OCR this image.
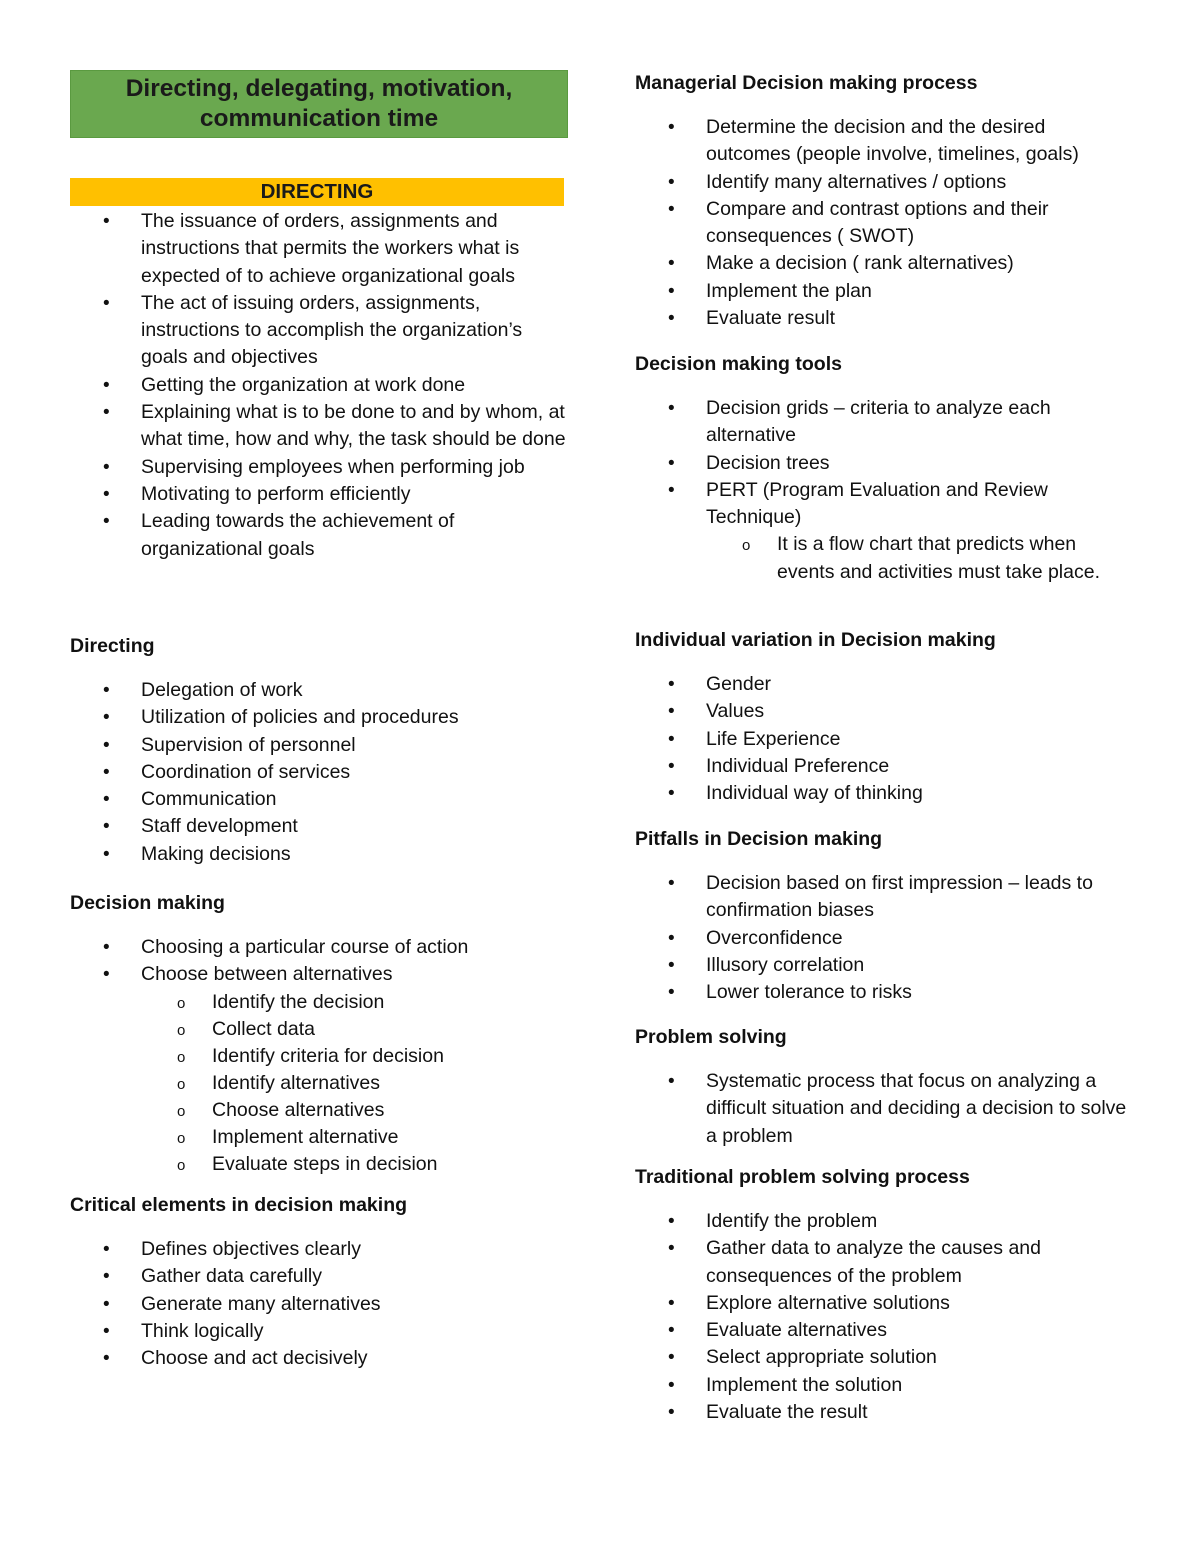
Directing, delegating, motivation,
communication time
DIRECTING
• The issuance of orders, assignments and instructions that permits the workers what is expected of to achieve organizational goals
• The act of issuing orders, assignments, instructions to accomplish the organization’s goals and objectives
• Getting the organization at work done
• Explaining what is to be done to and by whom, at what time, how and why, the task should be done
• Supervising employees when performing job
• Motivating to perform efficiently
• Leading towards the achievement of organizational goals
Directing
• Delegation of work
• Utilization of policies and procedures
• Supervision of personnel
• Coordination of services
• Communication
• Staff development
• Making decisions
Decision making
• Choosing a particular course of action
• Choose between alternatives
o Identify the decision
o Collect data
o Identify criteria for decision
o Identify alternatives
o Choose alternatives
o Implement alternative
o Evaluate steps in decision
Critical elements in decision making
• Defines objectives clearly
• Gather data carefully
• Generate many alternatives
• Think logically
• Choose and act decisively
Managerial Decision making process
• Determine the decision and the desired outcomes (people involve, timelines, goals)
• Identify many alternatives / options
• Compare and contrast options and their consequences ( SWOT)
• Make a decision ( rank alternatives)
• Implement the plan
• Evaluate result
Decision making tools
• Decision grids – criteria to analyze each alternative
• Decision trees
• PERT (Program Evaluation and Review Technique)
o It is a flow chart that predicts when events and activities must take place.
Individual variation in Decision making
• Gender
• Values
• Life Experience
• Individual Preference
• Individual way of thinking
Pitfalls in Decision making
• Decision based on first impression – leads to confirmation biases
• Overconfidence
• Illusory correlation
• Lower tolerance to risks
Problem solving
• Systematic process that focus on analyzing a difficult situation and deciding a decision to solve a problem
Traditional problem solving process
• Identify the problem
• Gather data to analyze the causes and consequences of the problem
• Explore alternative solutions
• Evaluate alternatives
• Select appropriate solution
• Implement the solution
• Evaluate the result
